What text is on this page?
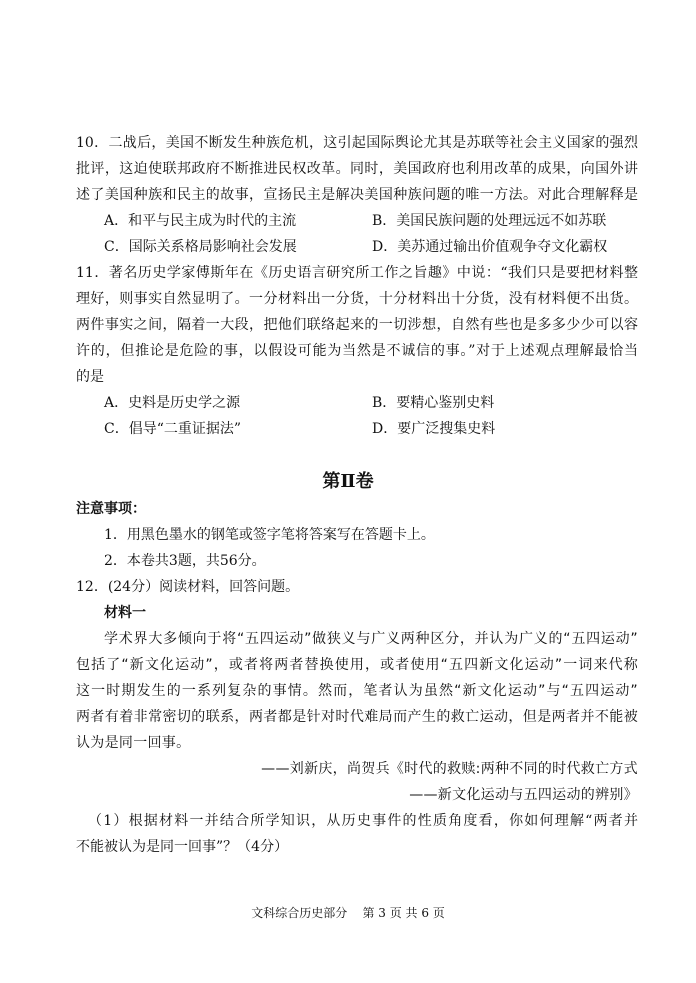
10．二战后，美国不断发生种族危机，这引起国际舆论尤其是苏联等社会主义国家的强烈
批评，这迫使联邦政府不断推进民权改革。同时，美国政府也利用改革的成果，向国外讲
述了美国种族和民主的故事，宣扬民主是解决美国种族问题的唯一方法。对此合理解释是
A．和平与民主成为时代的主流	B．美国民族问题的处理远远不如苏联
C．国际关系格局影响社会发展	D．美苏通过输出价值观争夺文化霸权
11．著名历史学家傅斯年在《历史语言研究所工作之旨趣》中说：“我们只是要把材料整
理好，则事实自然显明了。一分材料出一分货，十分材料出十分货，没有材料便不出货。
两件事实之间，隔着一大段，把他们联络起来的一切涉想，自然有些也是多多少少可以容
许的，但推论是危险的事，以假设可能为当然是不诚信的事。”对于上述观点理解最恰当
的是
A．史料是历史学之源	B．要精心鉴别史料
C．倡导“二重证据法”	D．要广泛搜集史料
第Ⅱ卷
注意事项：
1．用黑色墨水的钢笔或签字笔将答案写在答题卡上。
2．本卷共3题，共56分。
12．(24分）阅读材料，回答问题。
材料一
学术界大多倾向于将“五四运动”做狭义与广义两种区分，并认为广义的“五四运动”
包括了“新文化运动”，或者将两者替换使用，或者使用“五四新文化运动”一词来代称
这一时期发生的一系列复杂的事情。然而，笔者认为虽然“新文化运动”与“五四运动”
两者有着非常密切的联系，两者都是针对时代难局而产生的救亡运动，但是两者并不能被
认为是同一回事。
——刘新庆，尚贺兵《时代的救赎:两种不同的时代救亡方式
——新文化运动与五四运动的辨别》
（1）根据材料一并结合所学知识，从历史事件的性质角度看，你如何理解“两者并
不能被认为是同一回事”？（4分）
文科综合历史部分    第 3 页 共 6 页
